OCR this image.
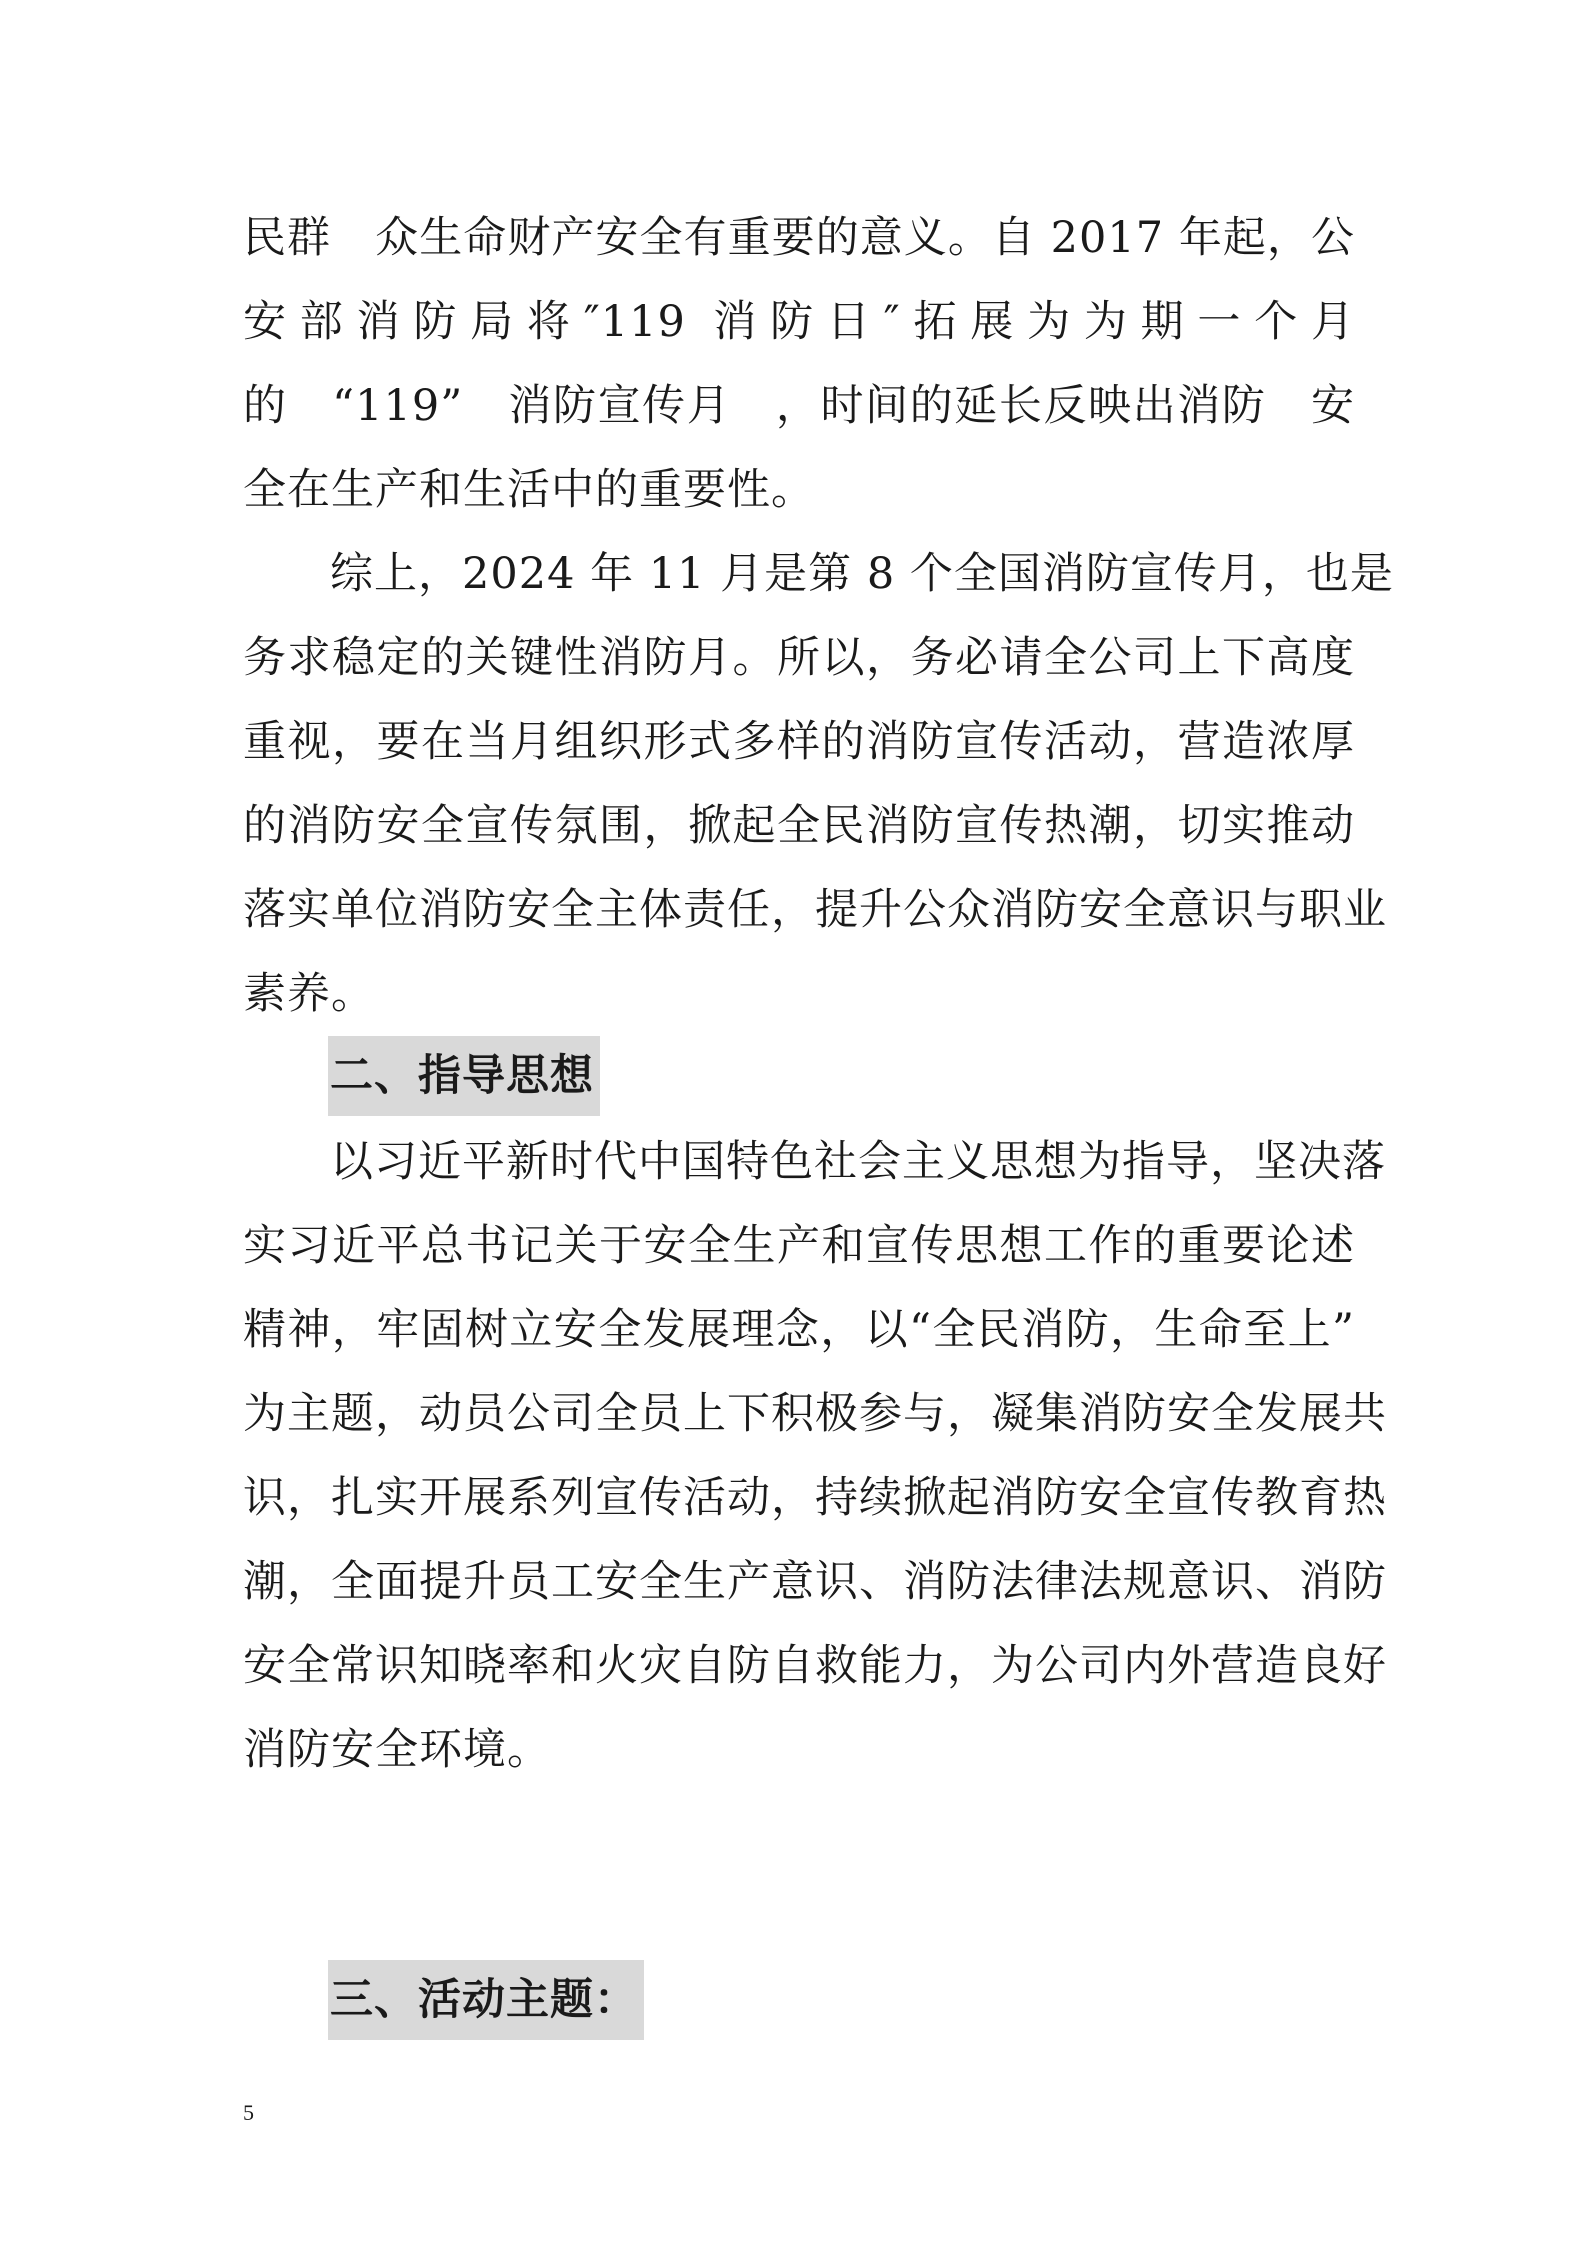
民群　众生命财产安全有重要的意义。自 2017 年起，公
安部消防局将″119 消防日″拓展为为期一个月
的　“119”　消防宣传月　，时间的延长反映出消防　安
全在生产和生活中的重要性。
综上，2024 年 11 月是第 8 个全国消防宣传月，也是
务求稳定的关键性消防月。所以，务必请全公司上下高度
重视，要在当月组织形式多样的消防宣传活动，营造浓厚
的消防安全宣传氛围，掀起全民消防宣传热潮，切实推动
落实单位消防安全主体责任，提升公众消防安全意识与职业
素养。
二、指导思想
以习近平新时代中国特色社会主义思想为指导，坚决落
实习近平总书记关于安全生产和宣传思想工作的重要论述
精神，牢固树立安全发展理念，以“全民消防，生命至上”
为主题，动员公司全员上下积极参与，凝集消防安全发展共
识，扎实开展系列宣传活动，持续掀起消防安全宣传教育热
潮，全面提升员工安全生产意识、消防法律法规意识、消防
安全常识知晓率和火灾自防自救能力，为公司内外营造良好
消防安全环境。
三、活动主题：
5
